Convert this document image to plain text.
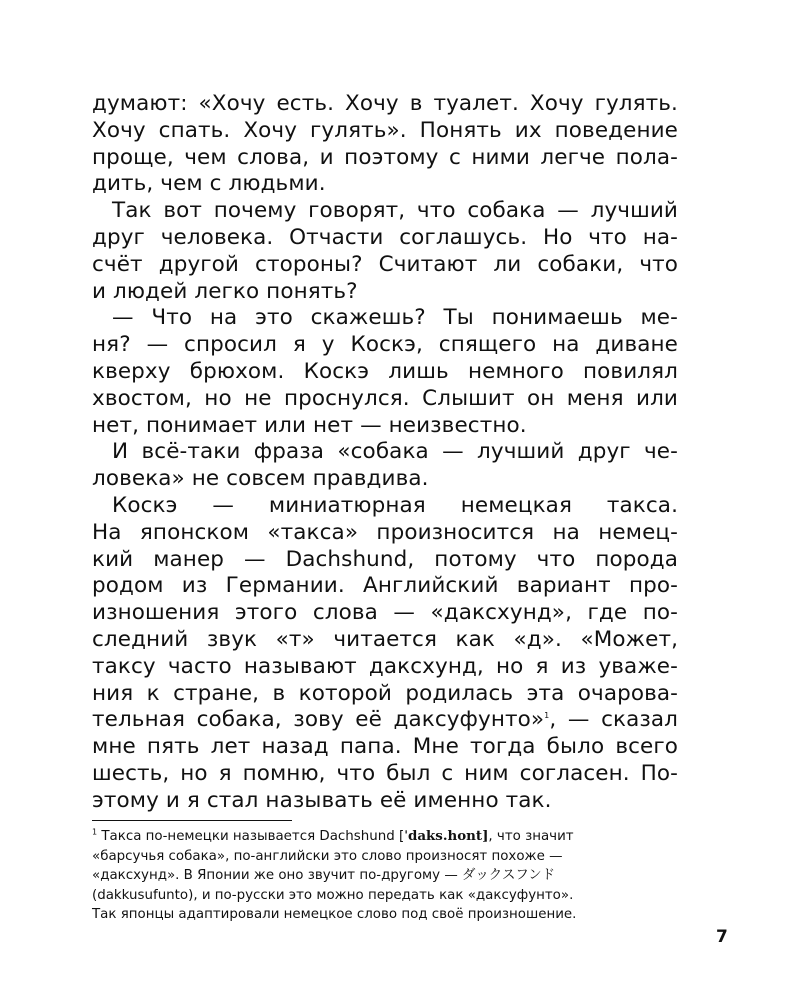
думают: «Хочу есть. Хочу в туалет. Хочу гулять.
Хочу спать. Хочу гулять». Понять их поведение
проще, чем слова, и поэтому с ними легче пола-
дить, чем с людьми.
Так вот почему говорят, что собака — лучший
друг человека. Отчасти соглашусь. Но что на-
счёт другой стороны? Считают ли собаки, что
и людей легко понять?
— Что на это скажешь? Ты понимаешь ме-
ня? — спросил я у Коскэ, спящего на диване
кверху брюхом. Коскэ лишь немного повилял
хвостом, но не проснулся. Слышит он меня или
нет, понимает или нет — неизвестно.
И всё-таки фраза «собака — лучший друг че-
ловека» не совсем правдива.
Коскэ — миниатюрная немецкая такса.
На японском «такса» произносится на немец-
кий манер — Dachshund, потому что порода
родом из Германии. Английский вариант про-
изношения этого слова — «даксхунд», где по-
следний звук «т» читается как «д». «Может,
таксу часто называют даксхунд, но я из уваже-
ния к стране, в которой родилась эта очарова-
тельная собака, зову её даксуфунто»$^1$, — сказал
мне пять лет назад папа. Мне тогда было всего
шесть, но я помню, что был с ним согласен. По-
этому и я стал называть её именно так.
$^1$ Такса по-немецки называется Dachshund [ˈdaks.hont], что значит
«барсучья собака», по-английски это слово произносят похоже —
«даксхунд». В Японии же оно звучит по-другому — ダックスフンド
(dakkusufunto), и по-русски это можно передать как «даксуфунто».
Так японцы адаптировали немецкое слово под своё произношение.
7
